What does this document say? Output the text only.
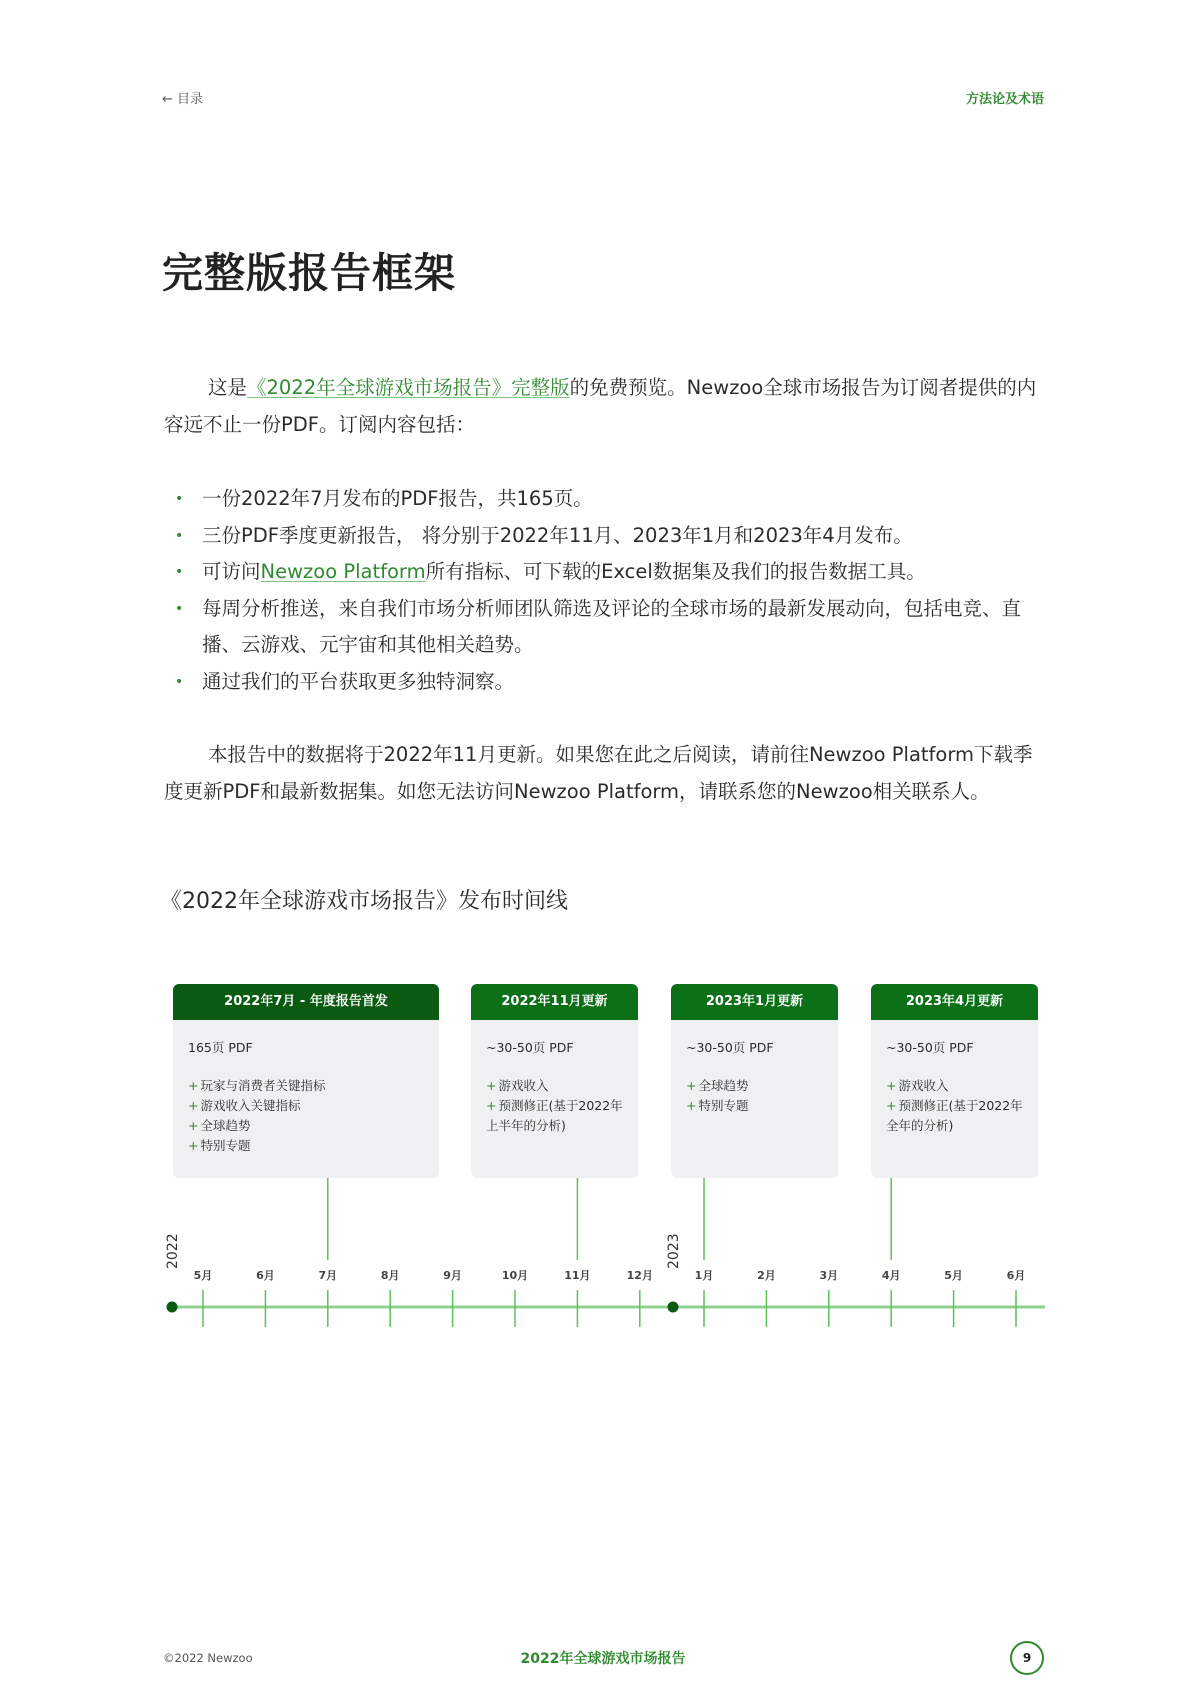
← 目录	方法论及术语
完整版报告框架
这是《2022年全球游戏市场报告》完整版的免费预览。Newzoo全球市场报告为订阅者提供的内容远不止一份PDF。订阅内容包括：
• 一份2022年7月发布的PDF报告，共165页。
• 三份PDF季度更新报告， 将分别于2022年11月、2023年1月和2023年4月发布。
• 可访问Newzoo Platform所有指标、可下载的Excel数据集及我们的报告数据工具。
• 每周分析推送，来自我们市场分析师团队筛选及评论的全球市场的最新发展动向，包括电竞、直播、云游戏、元宇宙和其他相关趋势。
• 通过我们的平台获取更多独特洞察。
本报告中的数据将于2022年11月更新。如果您在此之后阅读，请前往Newzoo Platform下载季度更新PDF和最新数据集。如您无法访问Newzoo Platform，请联系您的Newzoo相关联系人。
《2022年全球游戏市场报告》发布时间线
2022年7月 - 年度报告首发
165页 PDF
+ 玩家与消费者关键指标
+ 游戏收入关键指标
+ 全球趋势
+ 特别专题
2022年11月更新
~30-50页 PDF
+ 游戏收入
+ 预测修正(基于2022年上半年的分析)
2023年1月更新
~30-50页 PDF
+ 全球趋势
+ 特别专题
2023年4月更新
~30-50页 PDF
+ 游戏收入
+ 预测修正(基于2022年全年的分析)
2022
5月	6月	7月	8月	9月	10月	11月	12月
2023
1月	2月	3月	4月	5月	6月
©2022 Newzoo	2022年全球游戏市场报告	9
